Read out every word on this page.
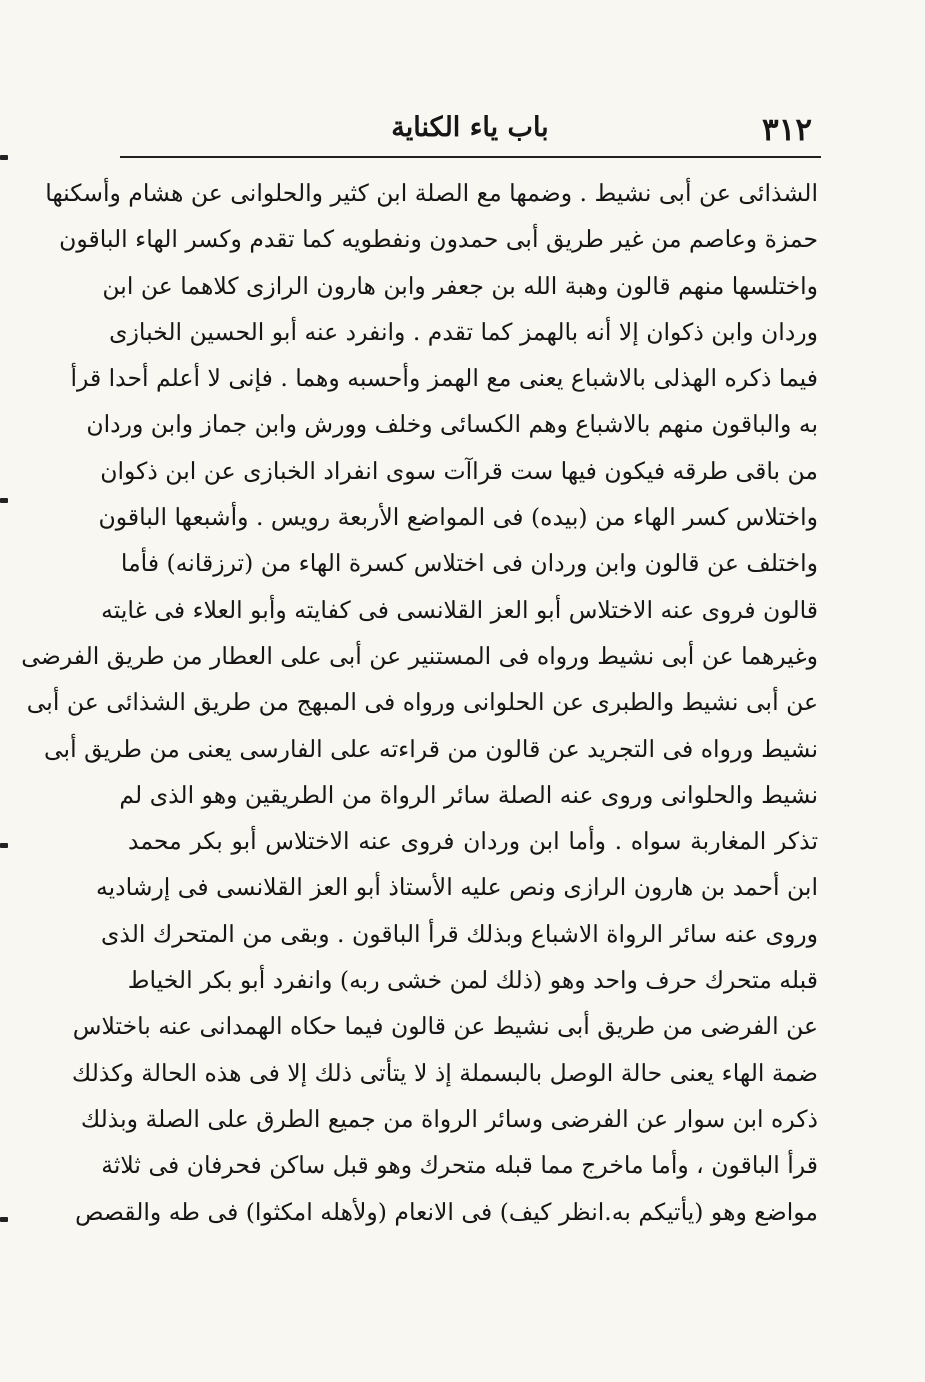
باب ياء الكناية	٣١٢
الشذائى عن أبى نشيط . وضمها مع الصلة ابن كثير والحلوانى عن هشام وأسكنها
حمزة وعاصم من غير طريق أبى حمدون ونفطويه كما تقدم وكسر الهاء الباقون
واختلسها منهم قالون وهبة الله بن جعفر وابن هارون الرازى كلاهما عن ابن
وردان وابن ذكوان إلا أنه بالهمز كما تقدم . وانفرد عنه أبو الحسين الخبازى
فيما ذكره الهذلى بالاشباع يعنى مع الهمز وأحسبه وهما . فإنى لا أعلم أحدا قرأ
به والباقون منهم بالاشباع وهم الكسائى وخلف وورش وابن جماز وابن وردان
من باقى طرقه فيكون فيها ست قراآت سوى انفراد الخبازى عن ابن ذكوان
واختلاس كسر الهاء من (بيده) فى المواضع الأربعة رويس . وأشبعها الباقون
واختلف عن قالون وابن وردان فى اختلاس كسرة الهاء من (ترزقانه) فأما
قالون فروى عنه الاختلاس أبو العز القلانسى فى كفايته وأبو العلاء فى غايته
وغيرهما عن أبى نشيط ورواه فى المستنير عن أبى على العطار من طريق الفرضى
عن أبى نشيط والطبرى عن الحلوانى ورواه فى المبهج من طريق الشذائى عن أبى
نشيط ورواه فى التجريد عن قالون من قراءته على الفارسى يعنى من طريق أبى
نشيط والحلوانى وروى عنه الصلة سائر الرواة من الطريقين وهو الذى لم
تذكر المغاربة سواه . وأما ابن وردان فروى عنه الاختلاس أبو بكر محمد
ابن أحمد بن هارون الرازى ونص عليه الأستاذ أبو العز القلانسى فى إرشاديه
وروى عنه سائر الرواة الاشباع وبذلك قرأ الباقون . وبقى من المتحرك الذى
قبله متحرك حرف واحد وهو (ذلك لمن خشى ربه) وانفرد أبو بكر الخياط
عن الفرضى من طريق أبى نشيط عن قالون فيما حكاه الهمدانى عنه باختلاس
ضمة الهاء يعنى حالة الوصل بالبسملة إذ لا يتأتى ذلك إلا فى هذه الحالة وكذلك
ذكره ابن سوار عن الفرضى وسائر الرواة من جميع الطرق على الصلة وبذلك
قرأ الباقون ، وأما ماخرج مما قبله متحرك وهو قبل ساكن فحرفان فى ثلاثة
مواضع وهو (يأتيكم به.انظر كيف) فى الانعام (ولأهله امكثوا) فى طه والقصص
